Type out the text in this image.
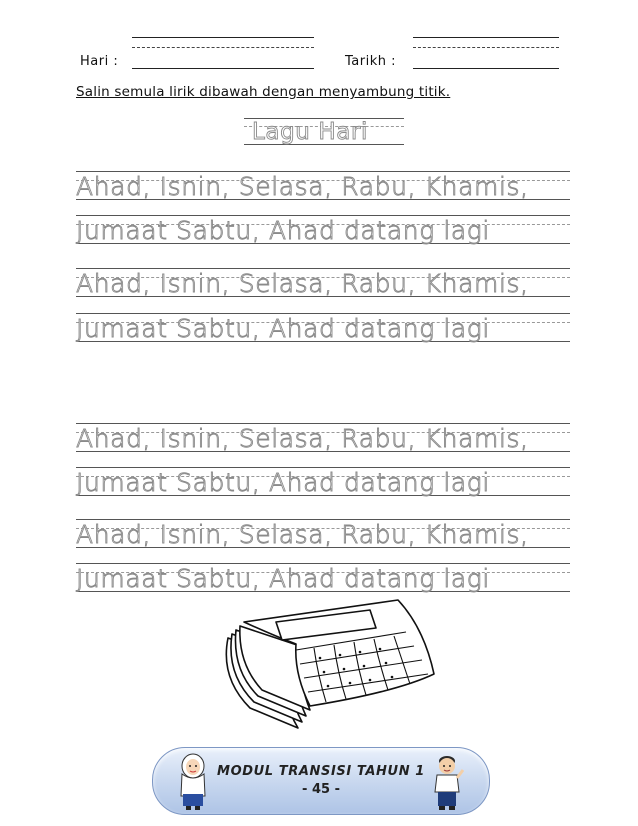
Hari :	Tarikh :
Salin semula lirik dibawah dengan menyambung titik.
Lagu Hari
Ahad, Isnin, Selasa, Rabu, Khamis,
Jumaat Sabtu, Ahad datang lagi
Ahad, Isnin, Selasa, Rabu, Khamis,
Jumaat Sabtu, Ahad datang lagi
Ahad, Isnin, Selasa, Rabu, Khamis,
Jumaat Sabtu, Ahad datang lagi
Ahad, Isnin, Selasa, Rabu, Khamis,
Jumaat Sabtu, Ahad datang lagi
MODUL TRANSISI TAHUN 1
- 45 -
